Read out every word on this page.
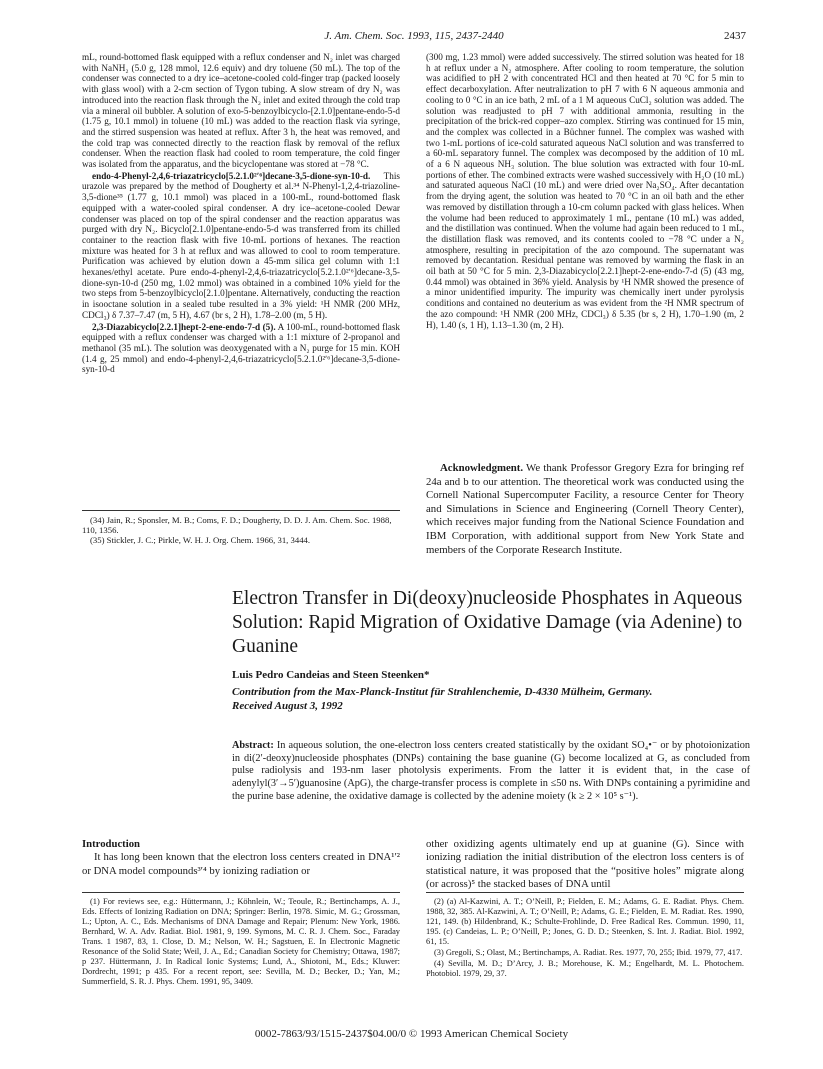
J. Am. Chem. Soc. 1993, 115, 2437-2440	2437

mL, round-bottomed flask equipped with a reflux condenser and N₂ inlet was charged with NaNH₂ (5.0 g, 128 mmol, 12.6 equiv) and dry toluene (50 mL). The top of the condenser was connected to a dry ice–acetone-cooled cold-finger trap (packed loosely with glass wool) with a 2-cm section of Tygon tubing. A slow stream of dry N₂ was introduced into the reaction flask through the N₂ inlet and exited through the cold trap via a mineral oil bubbler. A solution of exo-5-benzoylbicyclo-[2.1.0]pentane-endo-5-d (1.75 g, 10.1 mmol) in toluene (10 mL) was added to the reaction flask via syringe, and the stirred suspension was heated at reflux. After 3 h, the heat was removed, and the cold trap was connected directly to the reaction flask by removal of the reflux condenser. When the reaction flask had cooled to room temperature, the cold finger was isolated from the apparatus, and the bicyclopentane was stored at −78 °C.

endo-4-Phenyl-2,4,6-triazatricyclo[5.2.1.0²ʹ⁶]decane-3,5-dione-syn-10-d. This urazole was prepared by the method of Dougherty et al.³⁴ N-Phenyl-1,2,4-triazoline-3,5-dione³⁵ (1.77 g, 10.1 mmol) was placed in a 100-mL, round-bottomed flask equipped with a water-cooled spiral condenser. A dry ice–acetone-cooled Dewar condenser was placed on top of the spiral condenser and the reaction apparatus was purged with dry N₂. Bicyclo[2.1.0]pentane-endo-5-d was transferred from its chilled container to the reaction flask with five 10-mL portions of hexanes. The reaction mixture was heated for 3 h at reflux and was allowed to cool to room temperature. Purification was achieved by elution down a 45-mm silica gel column with 1:1 hexanes/ethyl acetate. Pure endo-4-phenyl-2,4,6-triazatricyclo[5.2.1.0²ʹ⁶]decane-3,5-dione-syn-10-d (250 mg, 1.02 mmol) was obtained in a combined 10% yield for the two steps from 5-benzoylbicyclo[2.1.0]pentane. Alternatively, conducting the reaction in isooctane solution in a sealed tube resulted in a 3% yield: ¹H NMR (200 MHz, CDCl₃) δ 7.37–7.47 (m, 5 H), 4.67 (br s, 2 H), 1.78–2.00 (m, 5 H).

2,3-Diazabicyclo[2.2.1]hept-2-ene-endo-7-d (5). A 100-mL, round-bottomed flask equipped with a reflux condenser was charged with a 1:1 mixture of 2-propanol and methanol (35 mL). The solution was deoxygenated with a N₂ purge for 15 min. KOH (1.4 g, 25 mmol) and endo-4-phenyl-2,4,6-triazatricyclo[5.2.1.0²ʹ⁶]decane-3,5-dione-syn-10-d

(34) Jain, R.; Sponsler, M. B.; Coms, F. D.; Dougherty, D. D. J. Am. Chem. Soc. 1988, 110, 1356.

(35) Stickler, J. C.; Pirkle, W. H. J. Org. Chem. 1966, 31, 3444.

(300 mg, 1.23 mmol) were added successively. The stirred solution was heated for 18 h at reflux under a N₂ atmosphere. After cooling to room temperature, the solution was acidified to pH 2 with concentrated HCl and then heated at 70 °C for 5 min to effect decarboxylation. After neutralization to pH 7 with 6 N aqueous ammonia and cooling to 0 °C in an ice bath, 2 mL of a 1 M aqueous CuCl₂ solution was added. The solution was readjusted to pH 7 with additional ammonia, resulting in the precipitation of the brick-red copper–azo complex. Stirring was continued for 15 min, and the complex was collected in a Büchner funnel. The complex was washed with two 1-mL portions of ice-cold saturated aqueous NaCl solution and was transferred to a 60-mL separatory funnel. The complex was decomposed by the addition of 10 mL of a 6 N aqueous NH₃ solution. The blue solution was extracted with four 10-mL portions of ether. The combined extracts were washed successively with H₂O (10 mL) and saturated aqueous NaCl (10 mL) and were dried over Na₂SO₄. After decantation from the drying agent, the solution was heated to 70 °C in an oil bath and the ether was removed by distillation through a 10-cm column packed with glass helices. When the volume had been reduced to approximately 1 mL, pentane (10 mL) was added, and the distillation was continued. When the volume had again been reduced to 1 mL, the distillation flask was removed, and its contents cooled to −78 °C under a N₂ atmosphere, resulting in precipitation of the azo compound. The supernatant was removed by decantation. Residual pentane was removed by warming the flask in an oil bath at 50 °C for 5 min. 2,3-Diazabicyclo[2.2.1]hept-2-ene-endo-7-d (5) (43 mg, 0.44 mmol) was obtained in 36% yield. Analysis by ¹H NMR showed the presence of a minor unidentified impurity. The impurity was chemically inert under pyrolysis conditions and contained no deuterium as was evident from the ²H NMR spectrum of the azo compound: ¹H NMR (200 MHz, CDCl₃) δ 5.35 (br s, 2 H), 1.70–1.90 (m, 2 H), 1.40 (s, 1 H), 1.13–1.30 (m, 2 H).

Acknowledgment. We thank Professor Gregory Ezra for bringing ref 24a and b to our attention. The theoretical work was conducted using the Cornell National Supercomputer Facility, a resource Center for Theory and Simulations in Science and Engineering (Cornell Theory Center), which receives major funding from the National Science Foundation and IBM Corporation, with additional support from New York State and members of the Corporate Research Institute.
Electron Transfer in Di(deoxy)nucleoside Phosphates in Aqueous Solution: Rapid Migration of Oxidative Damage (via Adenine) to Guanine
Luis Pedro Candeias and Steen Steenken*
Contribution from the Max-Planck-Institut für Strahlenchemie, D-4330 Mülheim, Germany.
Received August 3, 1992
Abstract: In aqueous solution, the one-electron loss centers created statistically by the oxidant SO₄•⁻ or by photoionization in di(2′-deoxy)nucleoside phosphates (DNPs) containing the base guanine (G) become localized at G, as concluded from pulse radiolysis and 193-nm laser photolysis experiments. From the latter it is evident that, in the case of adenylyl(3′→5′)guanosine (ApG), the charge-transfer process is complete in ≤50 ns. With DNPs containing a pyrimidine and the purine base adenine, the oxidative damage is collected by the adenine moiety (k ≥ 2 × 10⁵ s⁻¹).
Introduction

It has long been known that the electron loss centers created in DNA¹ʹ² or DNA model compounds³ʹ⁴ by ionizing radiation or

other oxidizing agents ultimately end up at guanine (G). Since with ionizing radiation the initial distribution of the electron loss centers is of statistical nature, it was proposed that the “positive holes” migrate along (or across)⁵ the stacked bases of DNA until

(1) For reviews see, e.g.: Hüttermann, J.; Köhnlein, W.; Teoule, R.; Bertinchamps, A. J., Eds. Effects of Ionizing Radiation on DNA; Springer: Berlin, 1978. Simic, M. G.; Grossman, L.; Upton, A. C., Eds. Mechanisms of DNA Damage and Repair; Plenum: New York, 1986. Bernhard, W. A. Adv. Radiat. Biol. 1981, 9, 199. Symons, M. C. R. J. Chem. Soc., Faraday Trans. 1 1987, 83, 1. Close, D. M.; Nelson, W. H.; Sagstuen, E. In Electronic Magnetic Resonance of the Solid State; Weil, J. A., Ed.; Canadian Society for Chemistry; Ottawa, 1987; p 237. Hüttermann, J. In Radical Ionic Systems; Lund, A., Shiotoni, M., Eds.; Kluwer: Dordrecht, 1991; p 435. For a recent report, see: Sevilla, M. D.; Becker, D.; Yan, M.; Summerfield, S. R. J. Phys. Chem. 1991, 95, 3409.

(2) (a) Al-Kazwini, A. T.; O’Neill, P.; Fielden, E. M.; Adams, G. E. Radiat. Phys. Chem. 1988, 32, 385. Al-Kazwini, A. T.; O’Neill, P.; Adams, G. E.; Fielden, E. M. Radiat. Res. 1990, 121, 149. (b) Hildenbrand, K.; Schulte-Frohlinde, D. Free Radical Res. Commun. 1990, 11, 195. (c) Candeias, L. P.; O’Neill, P.; Jones, G. D. D.; Steenken, S. Int. J. Radiat. Biol. 1992, 61, 15.

(3) Gregoli, S.; Olast, M.; Bertinchamps, A. Radiat. Res. 1977, 70, 255; Ibid. 1979, 77, 417.

(4) Sevilla, M. D.; D’Arcy, J. B.; Morehouse, K. M.; Engelhardt, M. L. Photochem. Photobiol. 1979, 29, 37.

0002-7863/93/1515-2437$04.00/0 © 1993 American Chemical Society
